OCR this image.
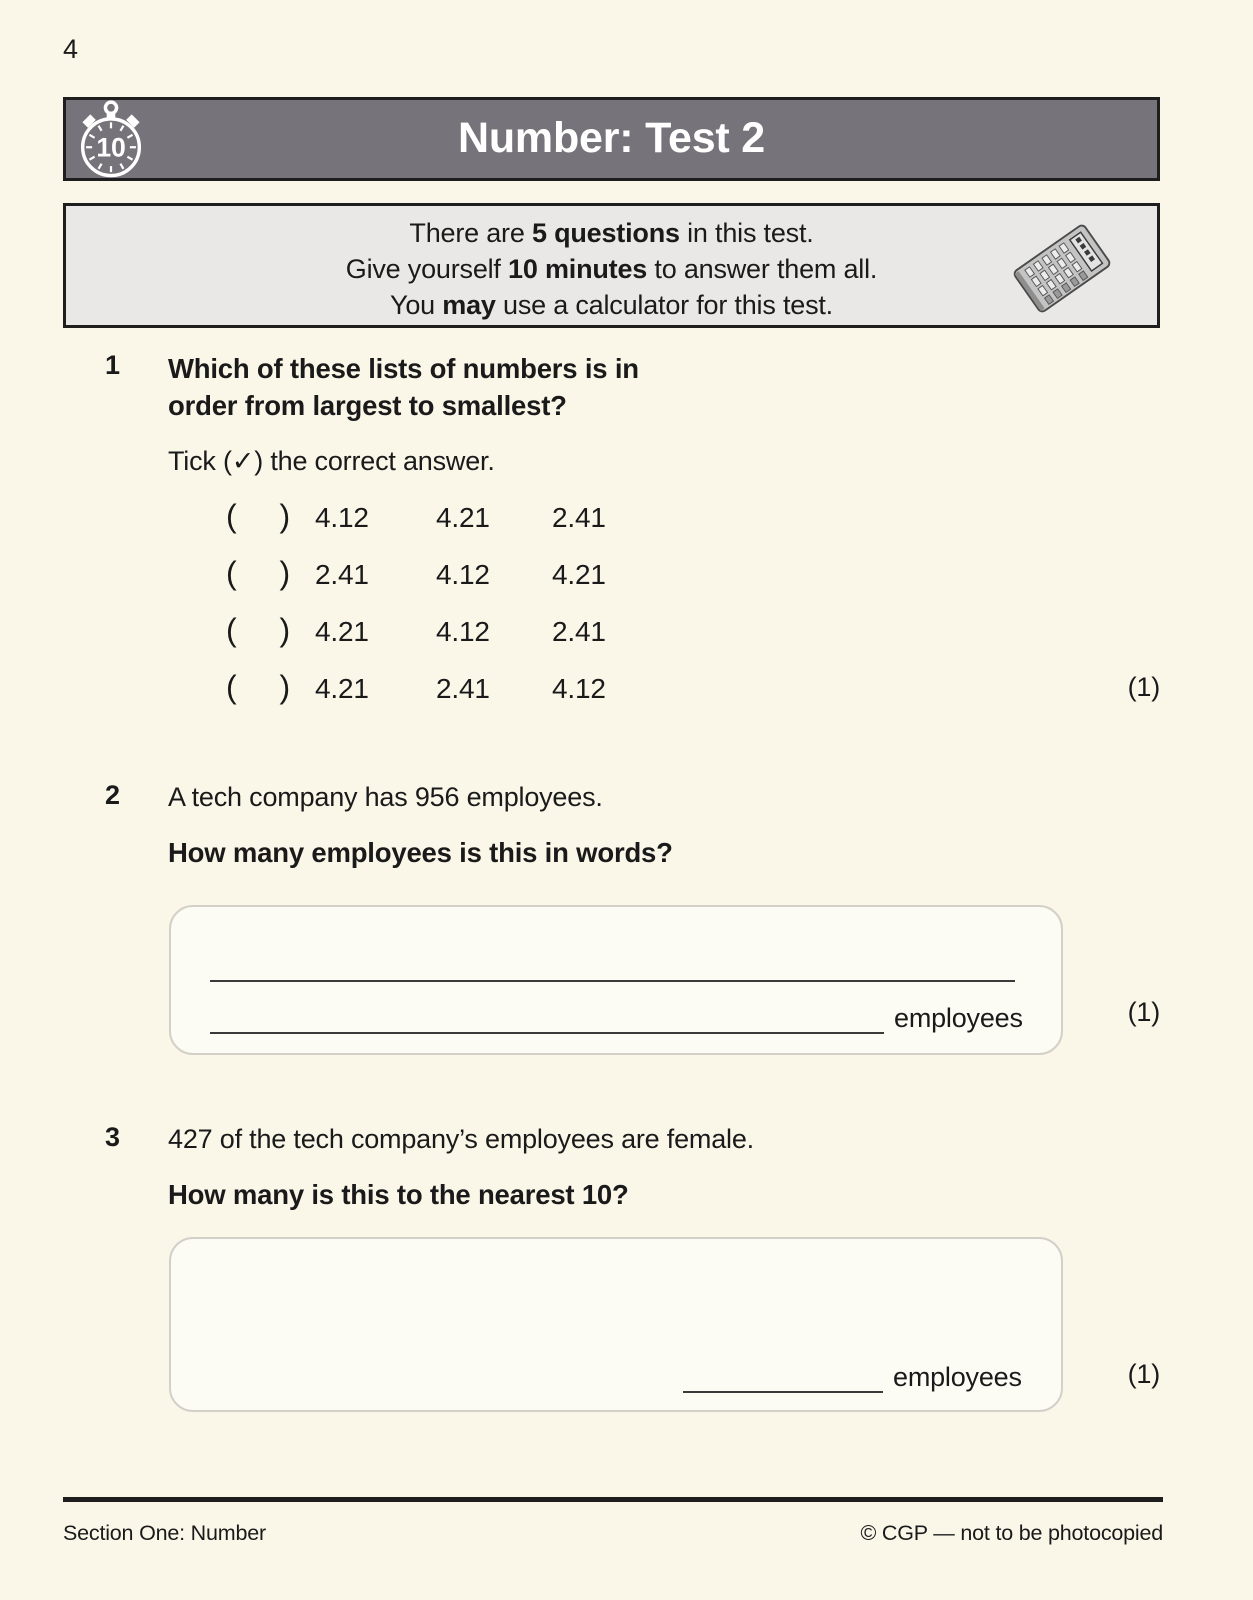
4
10	Number: Test 2
There are 5 questions in this test.
Give yourself 10 minutes to answer them all.
You may use a calculator for this test.
1 Which of these lists of numbers is in
order from largest to smallest?
Tick (✓) the correct answer.
( ) 4.12 4.21 2.41
( ) 2.41 4.12 4.21
( ) 4.21 4.12 2.41
( ) 4.21 2.41 4.12	(1)
2 A tech company has 956 employees.
How many employees is this in words?
employees	(1)
3 427 of the tech company’s employees are female.
How many is this to the nearest 10?
employees	(1)
Section One: Number	© CGP — not to be photocopied
